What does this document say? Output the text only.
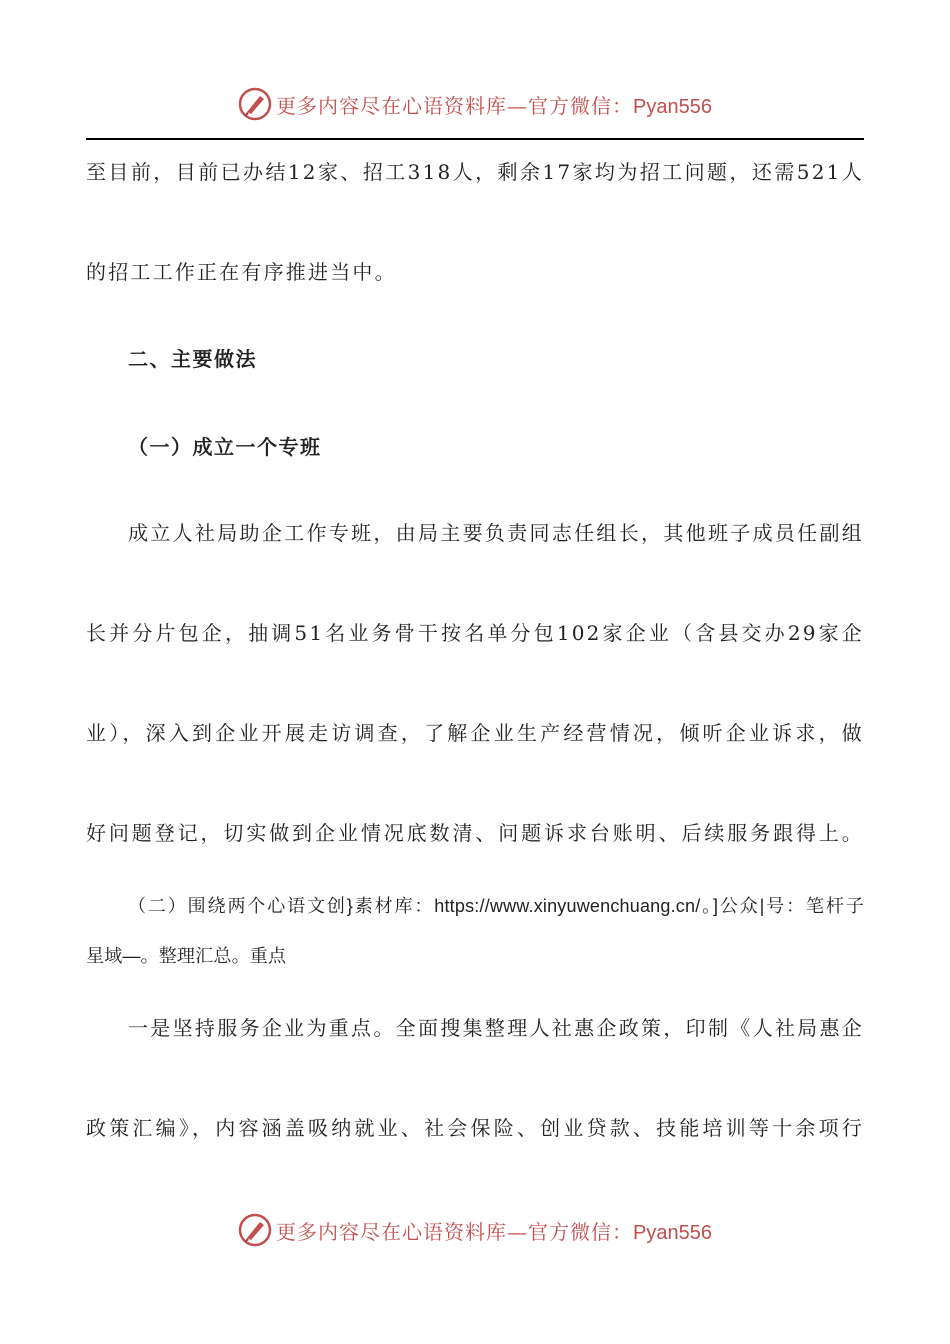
更多内容尽在心语资料库—官方微信：Pyan556
至目前，目前已办结12家、招工318人，剩余17家均为招工问题，还需521人
的招工工作正在有序推进当中。
二、主要做法
（一）成立一个专班
成立人社局助企工作专班，由局主要负责同志任组长，其他班子成员任副组
长并分片包企，抽调51名业务骨干按名单分包102家企业（含县交办29家企
业），深入到企业开展走访调查，了解企业生产经营情况，倾听企业诉求，做
好问题登记，切实做到企业情况底数清、问题诉求台账明、后续服务跟得上。
（二）围绕两个心语文创}素材库：https://www.xinyuwenchuang.cn/。]公众|号：笔杆子
星域—。整理汇总。重点
一是坚持服务企业为重点。全面搜集整理人社惠企政策，印制《人社局惠企
政策汇编》，内容涵盖吸纳就业、社会保险、创业贷款、技能培训等十余项行
更多内容尽在心语资料库—官方微信：Pyan556
